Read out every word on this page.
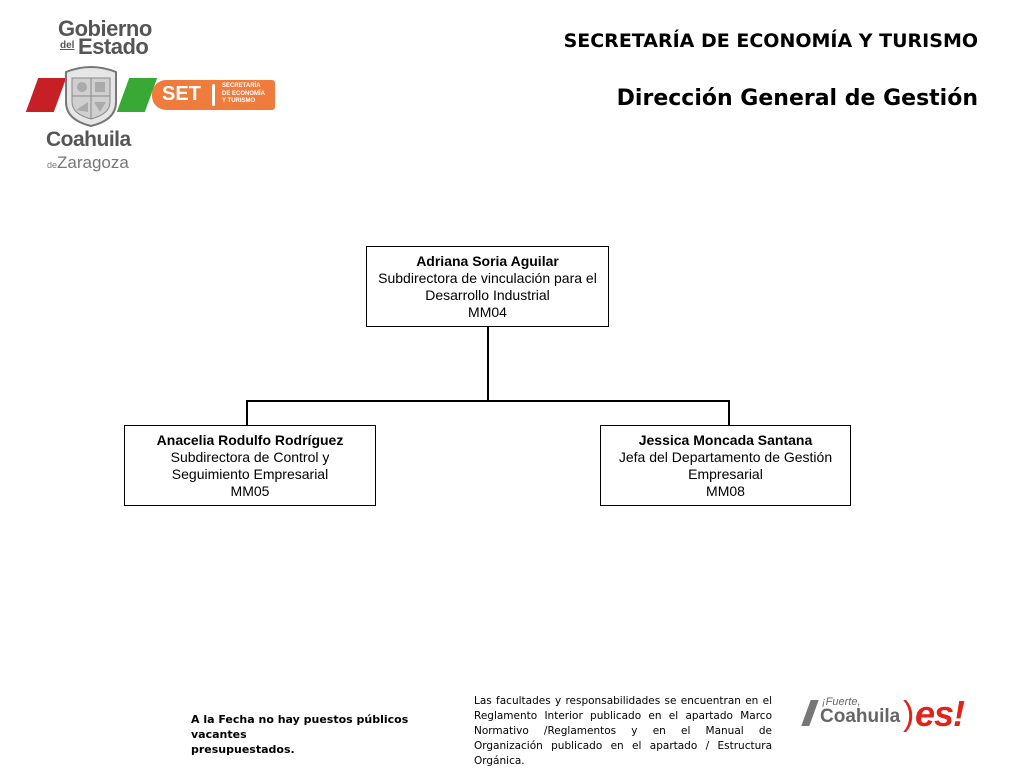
Gobierno
del Estado
SET	SECRETARÍA
DE ECONOMÍA
Y TURISMO
Coahuila
deZaragoza
SECRETARÍA DE ECONOMÍA Y TURISMO
Dirección General de Gestión
Adriana Soria Aguilar
Subdirectora de vinculación para el
Desarrollo Industrial
MM04
Anacelia Rodulfo Rodríguez
Subdirectora de Control y
Seguimiento Empresarial
MM05
Jessica Moncada Santana
Jefa del Departamento de Gestión
Empresarial
MM08
A la Fecha no hay puestos públicos vacantes
presupuestados.
Las facultades y responsabilidades se encuentran en el Reglamento Interior publicado en el apartado Marco Normativo /Reglamentos y en el Manual de Organización publicado en el apartado / Estructura Orgánica.
¡Fuerte,
Coahuila ) es!
